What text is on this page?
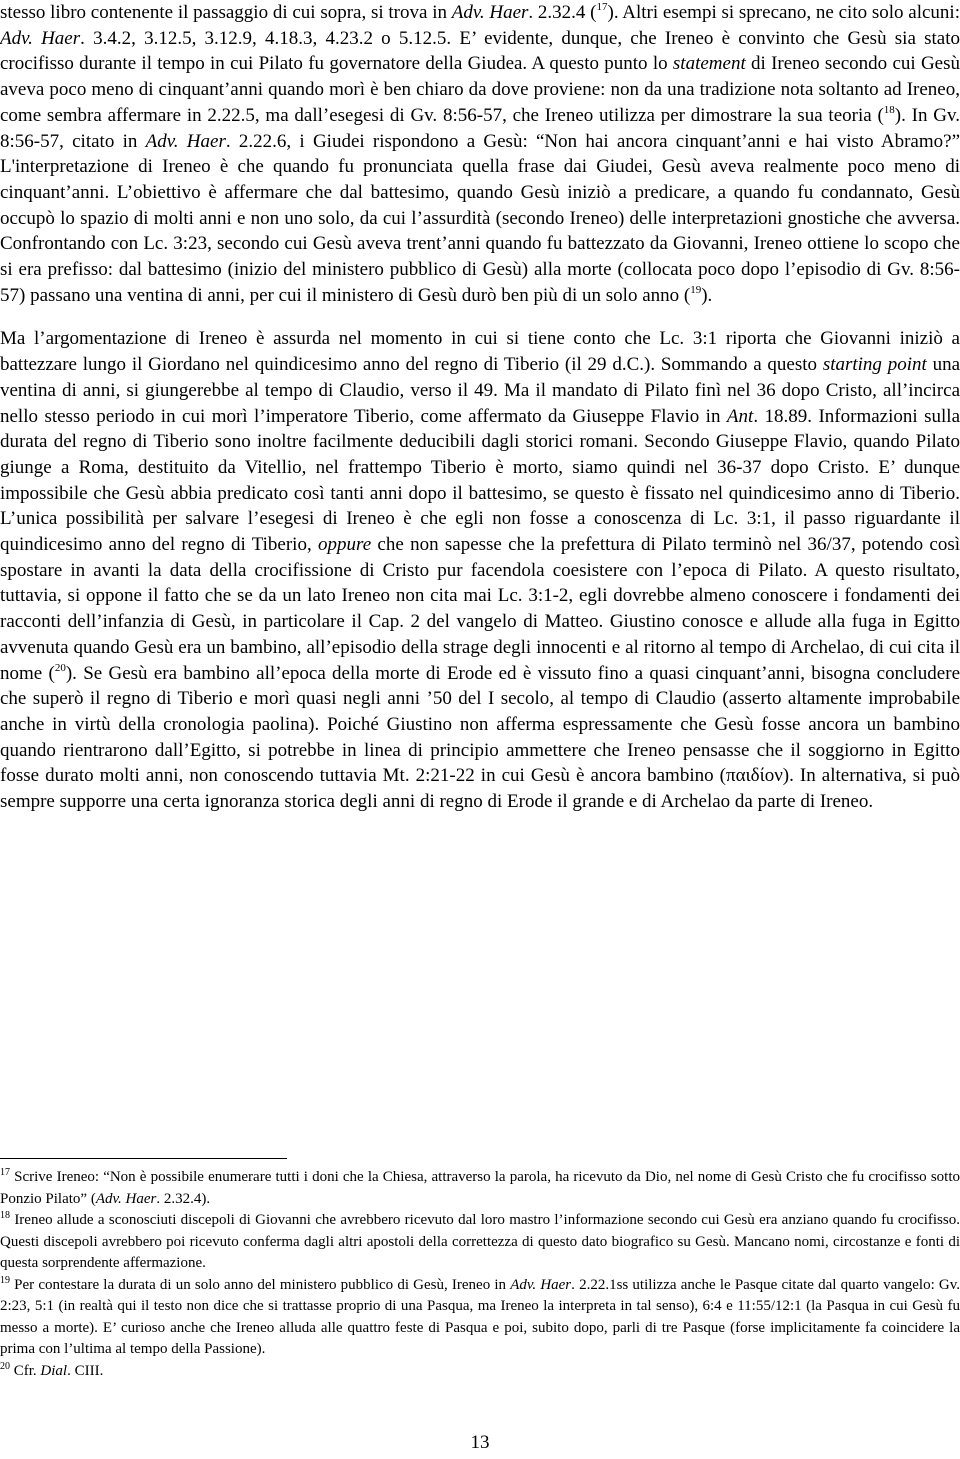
stesso libro contenente il passaggio di cui sopra, si trova in Adv. Haer. 2.32.4 ($^{17}$). Altri esempi si sprecano, ne cito solo alcuni: Adv. Haer. 3.4.2, 3.12.5, 3.12.9, 4.18.3, 4.23.2 o 5.12.5. E’ evidente, dunque, che Ireneo è convinto che Gesù sia stato crocifisso durante il tempo in cui Pilato fu governatore della Giudea. A questo punto lo statement di Ireneo secondo cui Gesù aveva poco meno di cinquant’anni quando morì è ben chiaro da dove proviene: non da una tradizione nota soltanto ad Ireneo, come sembra affermare in 2.22.5, ma dall’esegesi di Gv. 8:56-57, che Ireneo utilizza per dimostrare la sua teoria ($^{18}$). In Gv. 8:56-57, citato in Adv. Haer. 2.22.6, i Giudei rispondono a Gesù: “Non hai ancora cinquant’anni e hai visto Abramo?” L'interpretazione di Ireneo è che quando fu pronunciata quella frase dai Giudei, Gesù aveva realmente poco meno di cinquant’anni. L’obiettivo è affermare che dal battesimo, quando Gesù iniziò a predicare, a quando fu condannato, Gesù occupò lo spazio di molti anni e non uno solo, da cui l’assurdità (secondo Ireneo) delle interpretazioni gnostiche che avversa. Confrontando con Lc. 3:23, secondo cui Gesù aveva trent’anni quando fu battezzato da Giovanni, Ireneo ottiene lo scopo che si era prefisso: dal battesimo (inizio del ministero pubblico di Gesù) alla morte (collocata poco dopo l’episodio di Gv. 8:56-57) passano una ventina di anni, per cui il ministero di Gesù durò ben più di un solo anno ($^{19}$).

Ma l’argomentazione di Ireneo è assurda nel momento in cui si tiene conto che Lc. 3:1 riporta che Giovanni iniziò a battezzare lungo il Giordano nel quindicesimo anno del regno di Tiberio (il 29 d.C.). Sommando a questo starting point una ventina di anni, si giungerebbe al tempo di Claudio, verso il 49. Ma il mandato di Pilato finì nel 36 dopo Cristo, all’incirca nello stesso periodo in cui morì l’imperatore Tiberio, come affermato da Giuseppe Flavio in Ant. 18.89. Informazioni sulla durata del regno di Tiberio sono inoltre facilmente deducibili dagli storici romani. Secondo Giuseppe Flavio, quando Pilato giunge a Roma, destituito da Vitellio, nel frattempo Tiberio è morto, siamo quindi nel 36-37 dopo Cristo. E’ dunque impossibile che Gesù abbia predicato così tanti anni dopo il battesimo, se questo è fissato nel quindicesimo anno di Tiberio. L’unica possibilità per salvare l’esegesi di Ireneo è che egli non fosse a conoscenza di Lc. 3:1, il passo riguardante il quindicesimo anno del regno di Tiberio, oppure che non sapesse che la prefettura di Pilato terminò nel 36/37, potendo così spostare in avanti la data della crocifissione di Cristo pur facendola coesistere con l’epoca di Pilato. A questo risultato, tuttavia, si oppone il fatto che se da un lato Ireneo non cita mai Lc. 3:1-2, egli dovrebbe almeno conoscere i fondamenti dei racconti dell’infanzia di Gesù, in particolare il Cap. 2 del vangelo di Matteo. Giustino conosce e allude alla fuga in Egitto avvenuta quando Gesù era un bambino, all’episodio della strage degli innocenti e al ritorno al tempo di Archelao, di cui cita il nome ($^{20}$). Se Gesù era bambino all’epoca della morte di Erode ed è vissuto fino a quasi cinquant’anni, bisogna concludere che superò il regno di Tiberio e morì quasi negli anni ’50 del I secolo, al tempo di Claudio (asserto altamente improbabile anche in virtù della cronologia paolina). Poiché Giustino non afferma espressamente che Gesù fosse ancora un bambino quando rientrarono dall’Egitto, si potrebbe in linea di principio ammettere che Ireneo pensasse che il soggiorno in Egitto fosse durato molti anni, non conoscendo tuttavia Mt. 2:21-22 in cui Gesù è ancora bambino (παιδίον). In alternativa, si può sempre supporre una certa ignoranza storica degli anni di regno di Erode il grande e di Archelao da parte di Ireneo.

$^{17}$ Scrive Ireneo: “Non è possibile enumerare tutti i doni che la Chiesa, attraverso la parola, ha ricevuto da Dio, nel nome di Gesù Cristo che fu crocifisso sotto Ponzio Pilato” (Adv. Haer. 2.32.4).

$^{18}$ Ireneo allude a sconosciuti discepoli di Giovanni che avrebbero ricevuto dal loro mastro l’informazione secondo cui Gesù era anziano quando fu crocifisso. Questi discepoli avrebbero poi ricevuto conferma dagli altri apostoli della correttezza di questo dato biografico su Gesù. Mancano nomi, circostanze e fonti di questa sorprendente affermazione.

$^{19}$ Per contestare la durata di un solo anno del ministero pubblico di Gesù, Ireneo in Adv. Haer. 2.22.1ss utilizza anche le Pasque citate dal quarto vangelo: Gv. 2:23, 5:1 (in realtà qui il testo non dice che si trattasse proprio di una Pasqua, ma Ireneo la interpreta in tal senso), 6:4 e 11:55/12:1 (la Pasqua in cui Gesù fu messo a morte). E’ curioso anche che Ireneo alluda alle quattro feste di Pasqua e poi, subito dopo, parli di tre Pasque (forse implicitamente fa coincidere la prima con l’ultima al tempo della Passione).

$^{20}$ Cfr. Dial. CIII.

13
